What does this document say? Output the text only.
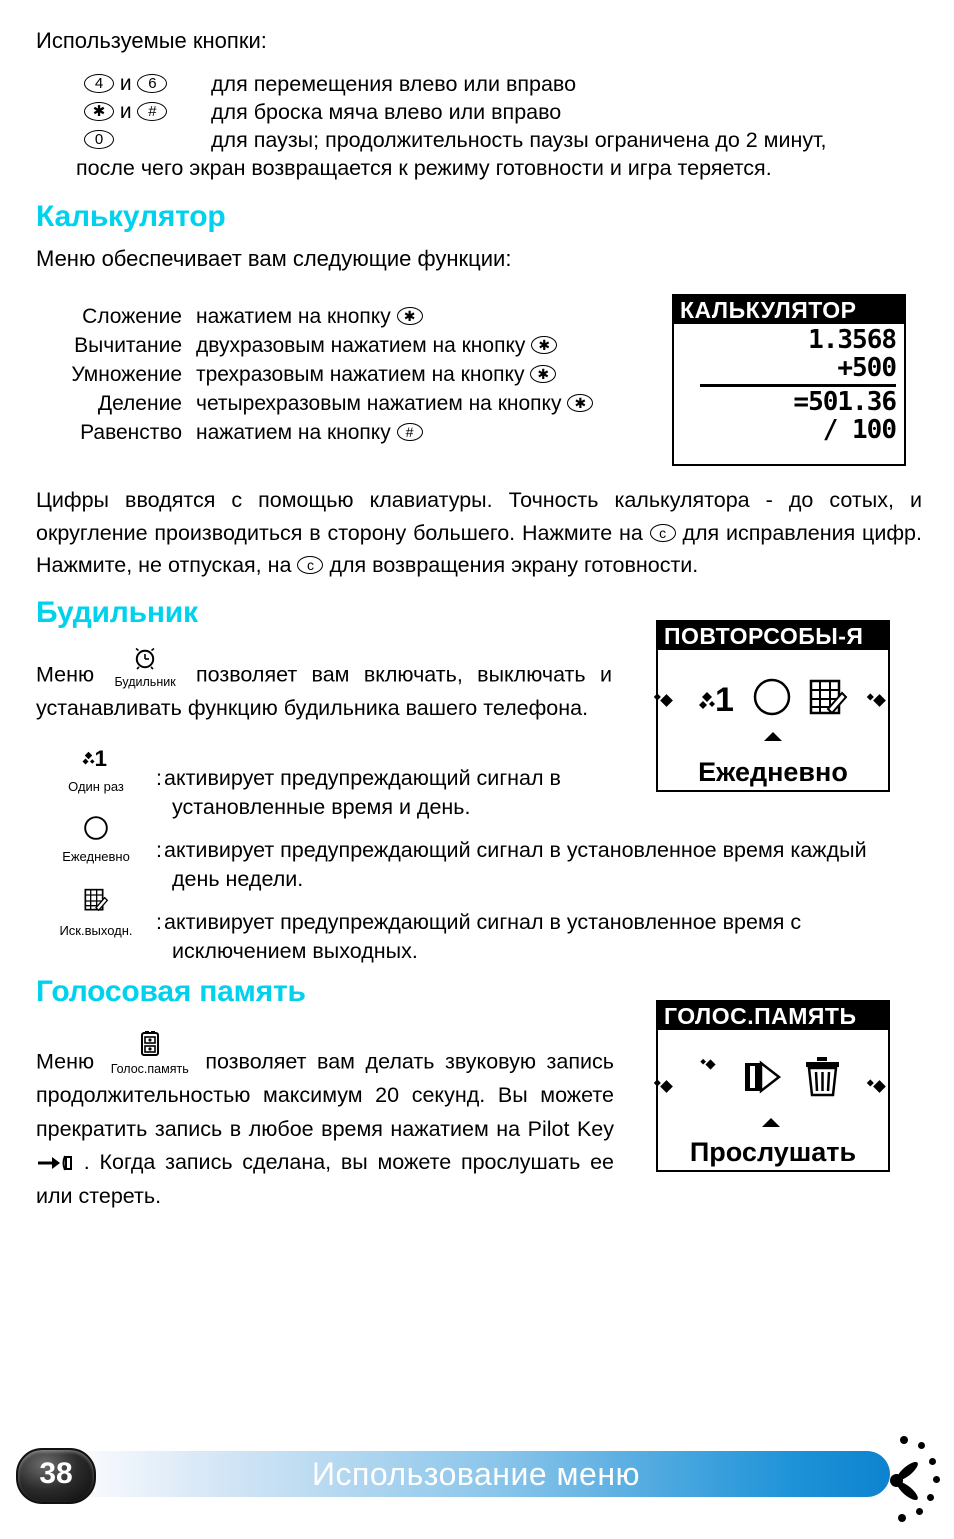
Используемые кнопки:
4 и 6	для перемещения влево или вправо
✱ и #	для броска мяча влево или вправо
0	для паузы; продолжительность паузы ограничена до 2 минут,
после чего экран возвращается к режиму готовности и игра теряется.
Калькулятор
Меню обеспечивает вам следующие функции:
Сложение нажатием на кнопку ✱
Вычитание двухразовым нажатием на кнопку ✱
Умножение трехразовым нажатием на кнопку ✱
Деление четырехразовым нажатием на кнопку ✱
Равенство нажатием на кнопку #
КАЛЬКУЛЯТОР
1.3568
+500
=501.36
/ 100
Цифры вводятся с помощью клавиатуры. Точность калькулятора - до сотых, и округление производиться в сторону большего. Нажмите на c для исправления цифр. Нажмите, не отпуская, на c для возвращения экрану готовности.
Будильник
Меню Будильник позволяет вам включать, выключать и устанавливать функцию будильника вашего телефона.
ПОВТОРСОБЫ-Я
1
Ежедневно
1
Один раз	:активирует предупреждающий сигнал в
установленные время и день.
Ежедневно	:активирует предупреждающий сигнал в установленное время каждый
день недели.
Иск.выходн.	:активирует предупреждающий сигнал в установленное время с
исключением выходных.
Голосовая память
Меню Голос.память позволяет вам делать звуковую запись продолжительностью максимум 20 секунд. Вы можете прекратить запись в любое время нажатием на Pilot Key  . Когда запись сделана, вы можете прослушать ее или стереть.
ГОЛОС.ПАМЯТЬ
Прослушать
Использование меню
38
